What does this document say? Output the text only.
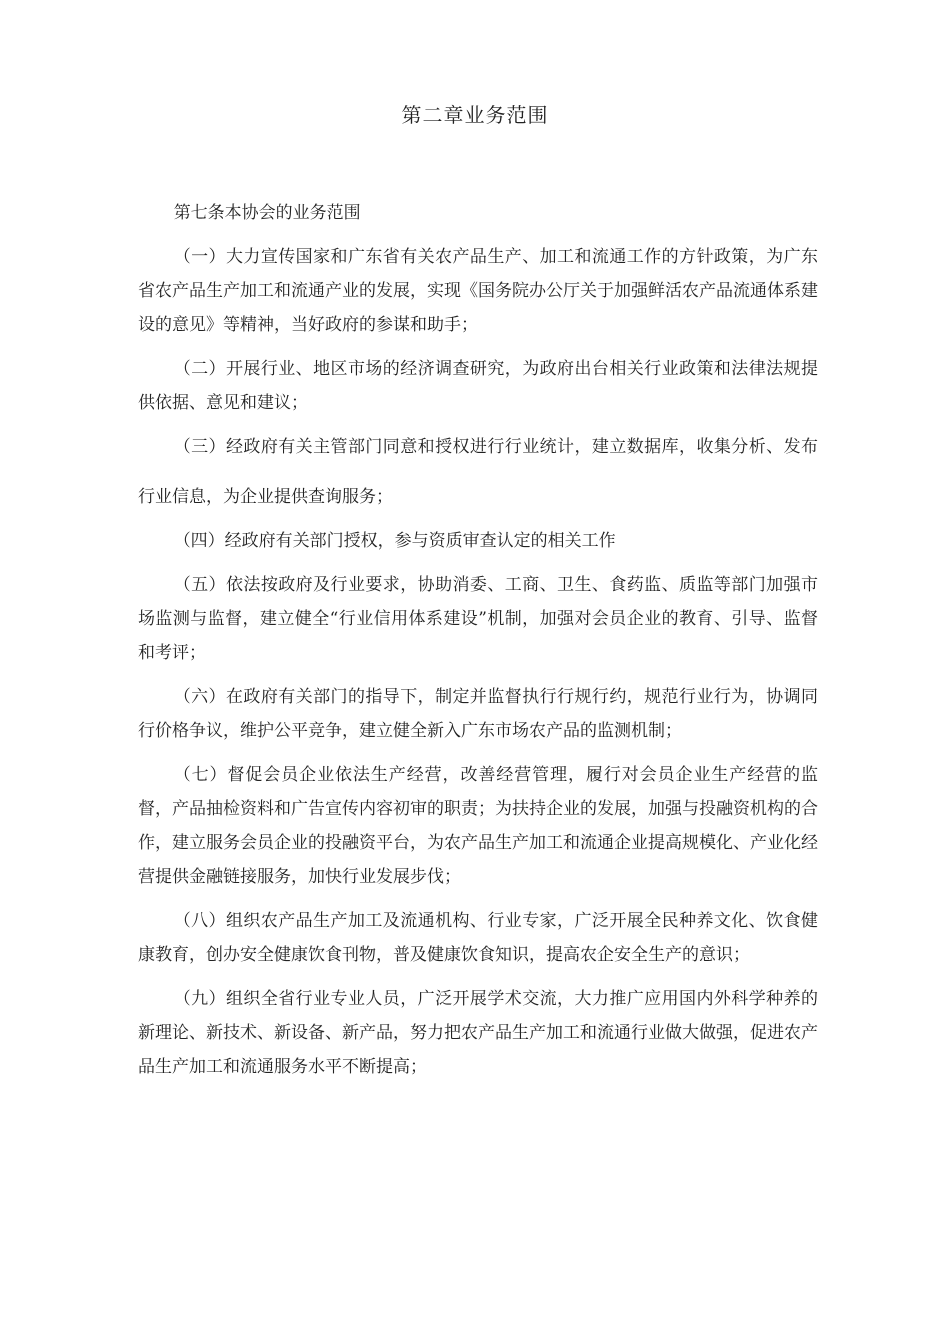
第二章业务范围

第七条本协会的业务范围

（一）大力宣传国家和广东省有关农产品生产、加工和流通工作的方针政策，为广东省农产品生产加工和流通产业的发展，实现《国务院办公厅关于加强鲜活农产品流通体系建设的意见》等精神，当好政府的参谋和助手；

（二）开展行业、地区市场的经济调查研究，为政府出台相关行业政策和法律法规提供依据、意见和建议；

（三）经政府有关主管部门同意和授权进行行业统计，建立数据库，收集分析、发布行业信息，为企业提供查询服务；

（四）经政府有关部门授权，参与资质审查认定的相关工作

（五）依法按政府及行业要求，协助消委、工商、卫生、食药监、质监等部门加强市场监测与监督，建立健全“行业信用体系建设”机制，加强对会员企业的教育、引导、监督和考评；

（六）在政府有关部门的指导下，制定并监督执行行规行约，规范行业行为，协调同行价格争议，维护公平竞争，建立健全新入广东市场农产品的监测机制；

（七）督促会员企业依法生产经营，改善经营管理，履行对会员企业生产经营的监督，产品抽检资料和广告宣传内容初审的职责；为扶持企业的发展，加强与投融资机构的合作，建立服务会员企业的投融资平台，为农产品生产加工和流通企业提高规模化、产业化经营提供金融链接服务，加快行业发展步伐；

（八）组织农产品生产加工及流通机构、行业专家，广泛开展全民种养文化、饮食健康教育，创办安全健康饮食刊物，普及健康饮食知识，提高农企安全生产的意识；

（九）组织全省行业专业人员，广泛开展学术交流，大力推广应用国内外科学种养的新理论、新技术、新设备、新产品，努力把农产品生产加工和流通行业做大做强，促进农产品生产加工和流通服务水平不断提高；
